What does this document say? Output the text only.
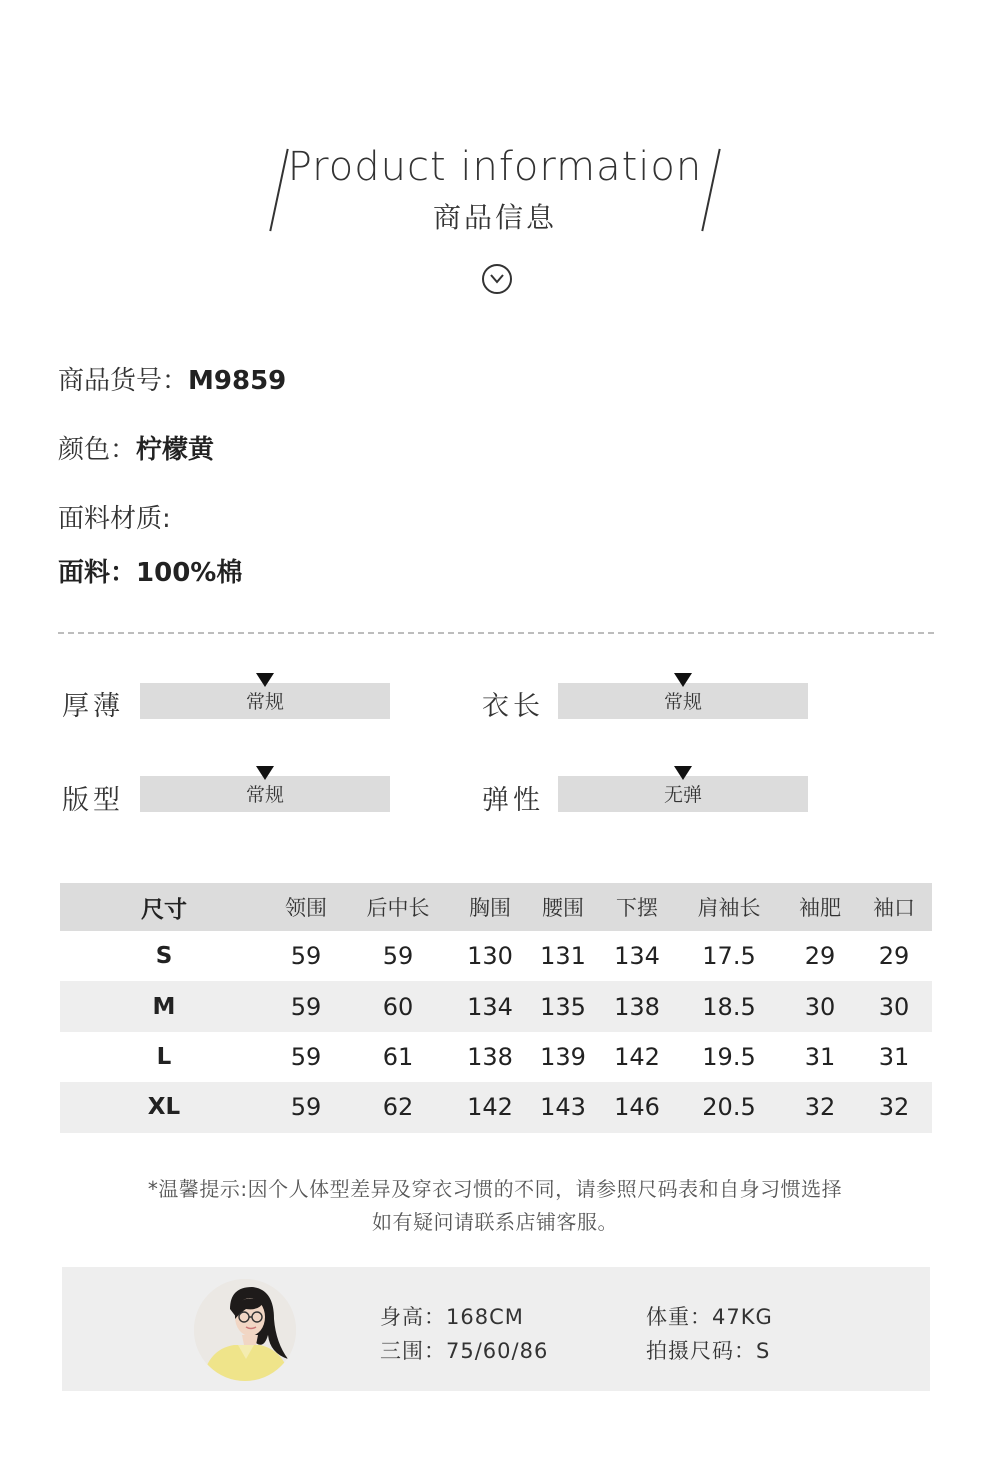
Product information
商品信息
商品货号：M9859
颜色：柠檬黄
面料材质:
面料：100%棉
厚薄	常规	衣长	常规
版型	常规	弹性	无弹
尺寸	领围 后中长 胸围 腰围 下摆 肩袖长 袖肥 袖口
S	59	59 130 131 134 17.5 29 29
M	59	60 134 135 138 18.5 30 30
L	59	61 138 139 142 19.5 31 31
XL	59	62 142 143 146 20.5 32 32
*温馨提示:因个人体型差异及穿衣习惯的不同，请参照尺码表和自身习惯选择
如有疑问请联系店铺客服。
身高：168CM	体重：47KG
三围：75/60/86	拍摄尺码：S
